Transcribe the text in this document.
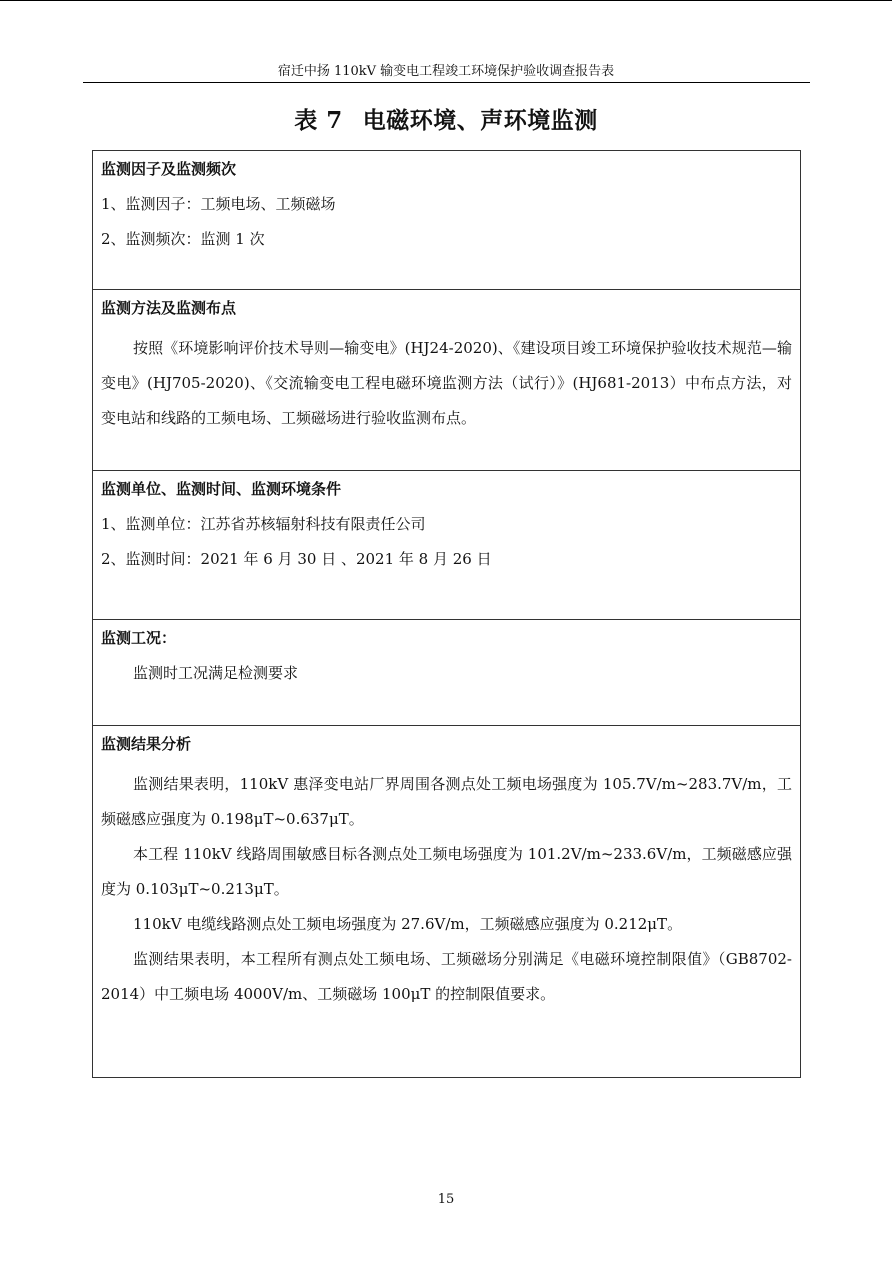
宿迁中扬 110kV 输变电工程竣工环境保护验收调查报告表
表 7 电磁环境、声环境监测
监测因子及监测频次
1、监测因子：工频电场、工频磁场
2、监测频次：监测 1 次
监测方法及监测布点

按照《环境影响评价技术导则—输变电》(HJ24-2020)、《建设项目竣工环境保护验收技术规范—输变电》(HJ705-2020)、《交流输变电工程电磁环境监测方法（试行）》(HJ681-2013）中布点方法，对变电站和线路的工频电场、工频磁场进行验收监测布点。

监测单位、监测时间、监测环境条件
1、监测单位：江苏省苏核辐射科技有限责任公司
2、监测时间：2021 年 6 月 30 日 、2021 年 8 月 26 日
监测工况：
监测时工况满足检测要求
监测结果分析

监测结果表明，110kV 惠泽变电站厂界周围各测点处工频电场强度为 105.7V/m~283.7V/m，工频磁感应强度为 0.198μT~0.637μT。

本工程 110kV 线路周围敏感目标各测点处工频电场强度为 101.2V/m~233.6V/m，工频磁感应强度为 0.103μT~0.213μT。

110kV 电缆线路测点处工频电场强度为 27.6V/m，工频磁感应强度为 0.212μT。

监测结果表明，本工程所有测点处工频电场、工频磁场分别满足《电磁环境控制限值》（GB8702-2014）中工频电场 4000V/m、工频磁场 100μT 的控制限值要求。

15
